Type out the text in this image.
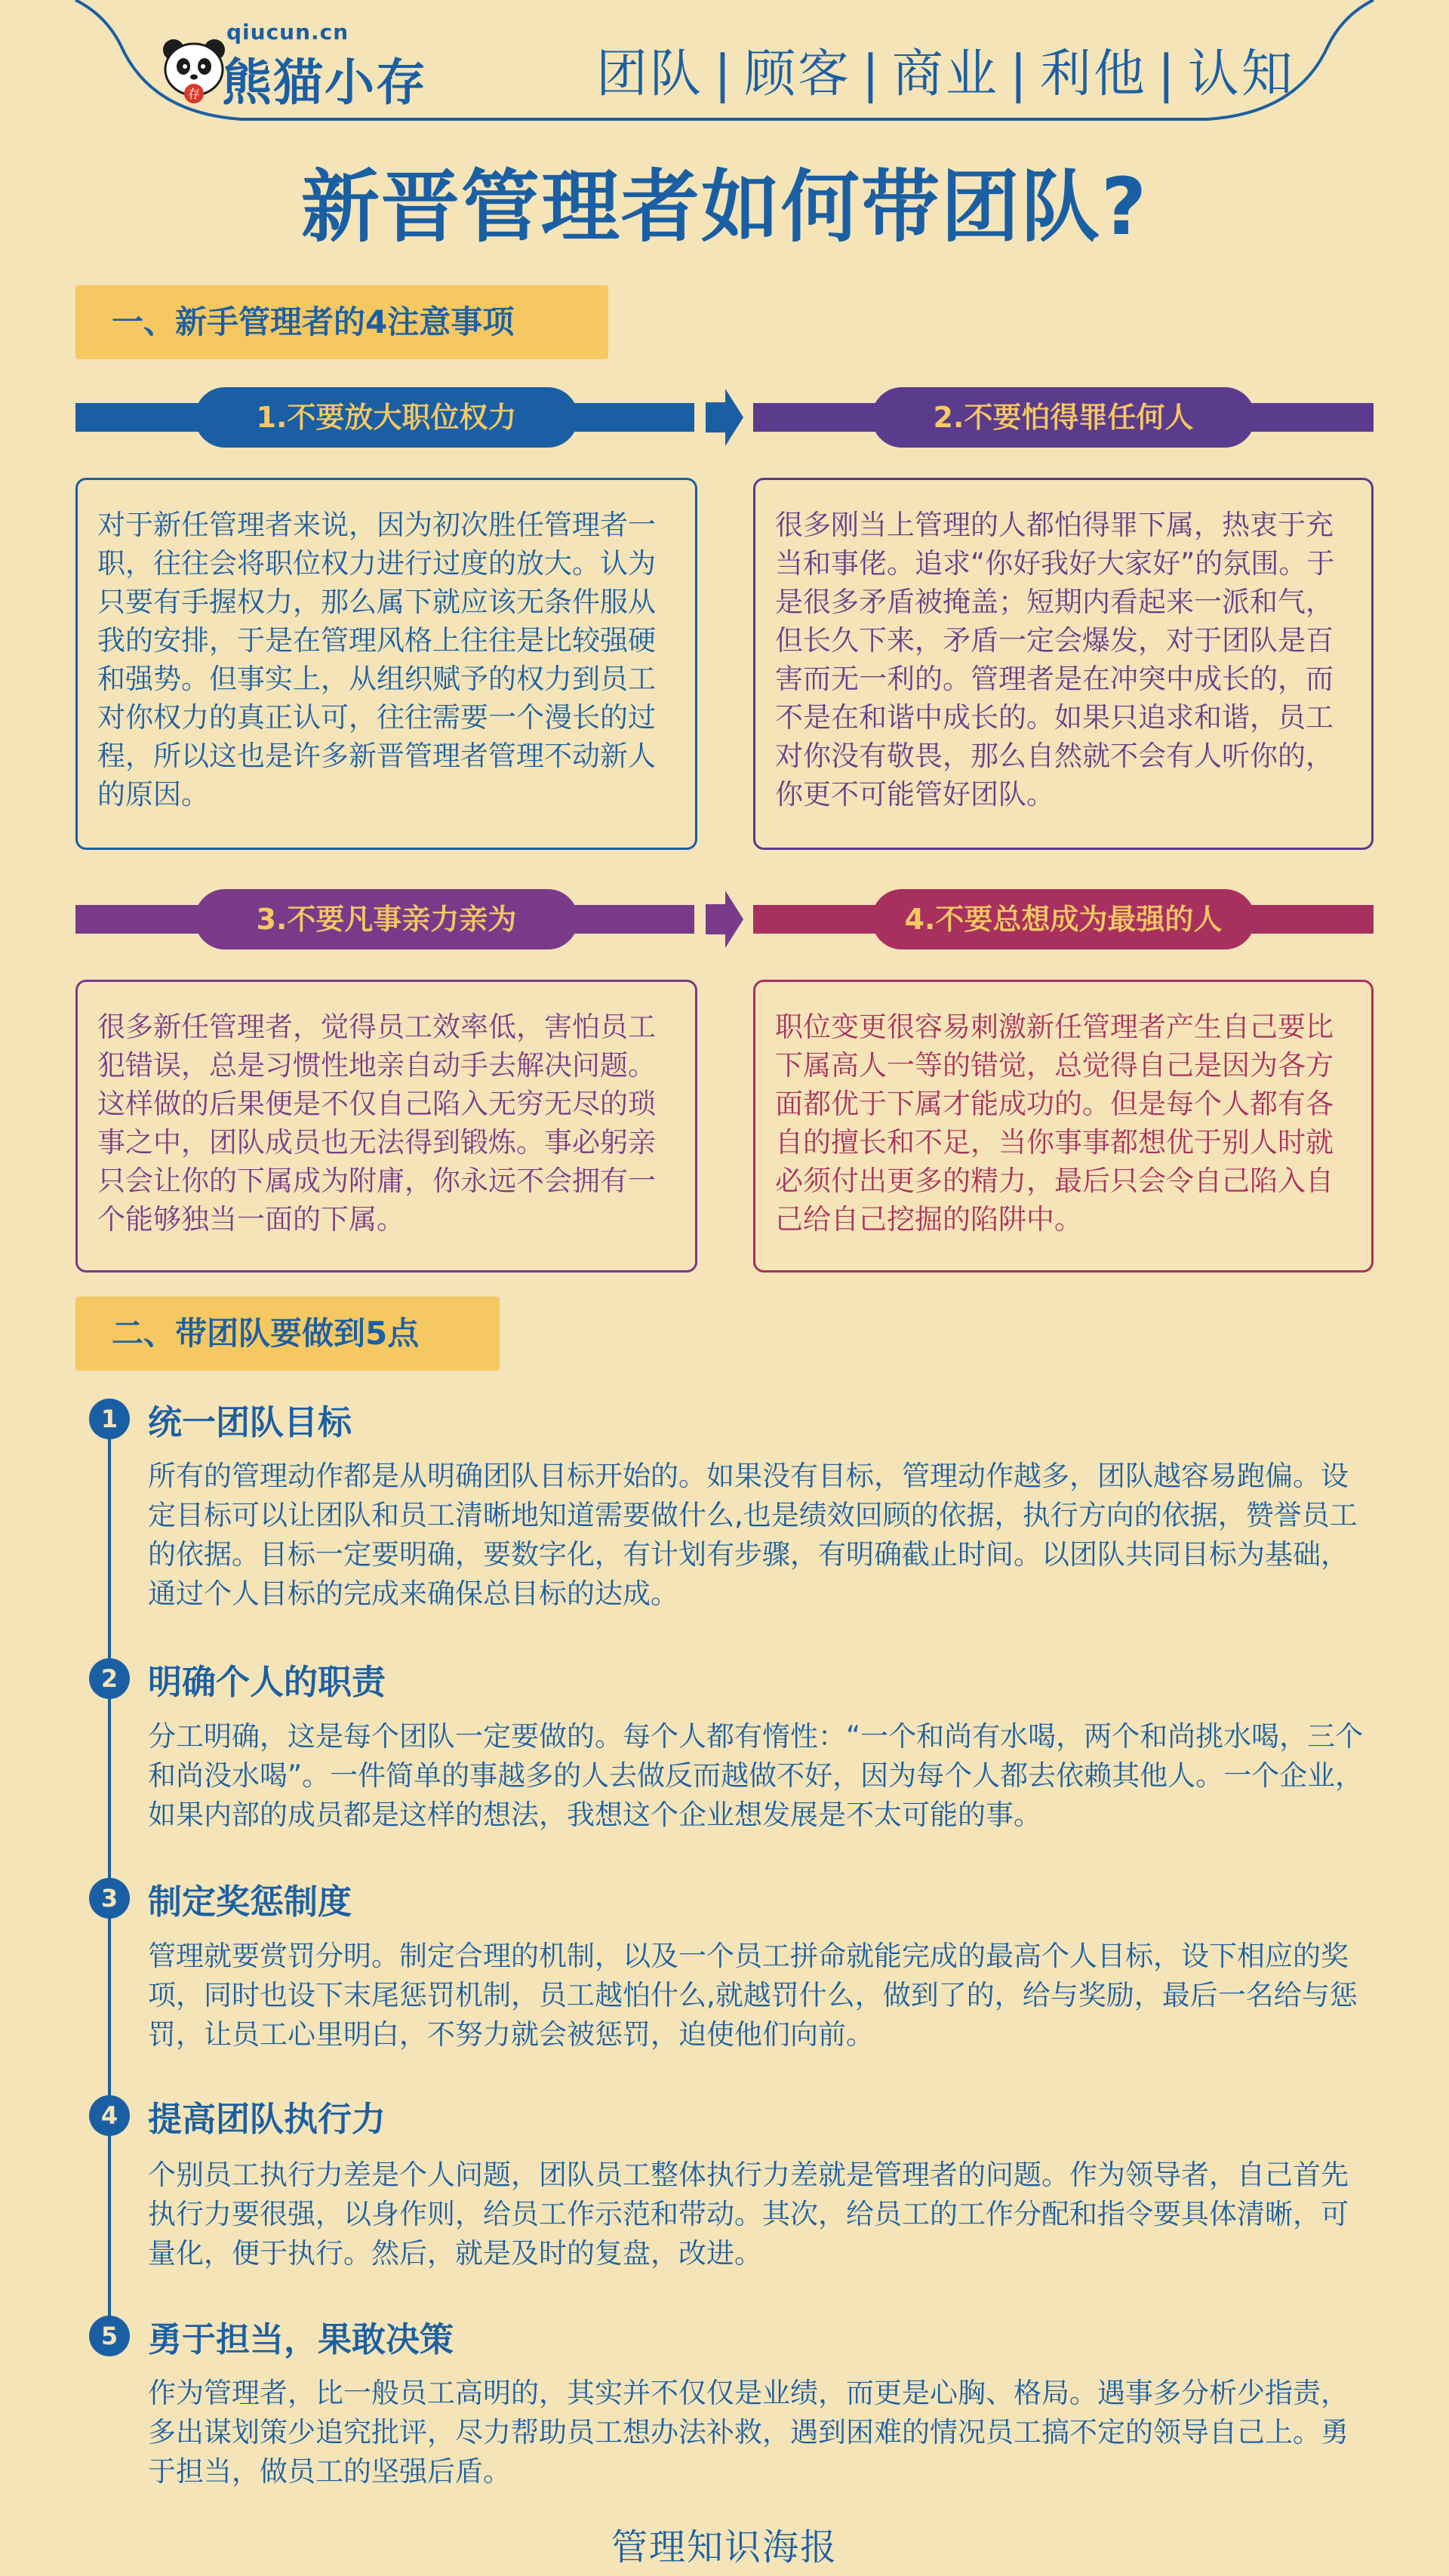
存
qiucun.cn
熊猫小存	团队 | 顾客 | 商业 | 利他 | 认知
新晋管理者如何带团队?
一、新手管理者的4注意事项
1.不要放大职位权力	2.不要怕得罪任何人
对于新任管理者来说，因为初次胜任管理者一职，往往会将职位权力进行过度的放大。认为只要有手握权力，那么属下就应该无条件服从我的安排，于是在管理风格上往往是比较强硬和强势。但事实上，从组织赋予的权力到员工对你权力的真正认可，往往需要一个漫长的过程，所以这也是许多新晋管理者管理不动新人的原因。
很多刚当上管理的人都怕得罪下属，热衷于充当和事佬。追求“你好我好大家好”的氛围。于是很多矛盾被掩盖；短期内看起来一派和气，但长久下来，矛盾一定会爆发，对于团队是百害而无一利的。管理者是在冲突中成长的，而不是在和谐中成长的。如果只追求和谐，员工对你没有敬畏，那么自然就不会有人听你的，你更不可能管好团队。
3.不要凡事亲力亲为	4.不要总想成为最强的人
很多新任管理者，觉得员工效率低，害怕员工犯错误，总是习惯性地亲自动手去解决问题。这样做的后果便是不仅自己陷入无穷无尽的琐事之中，团队成员也无法得到锻炼。事必躬亲只会让你的下属成为附庸，你永远不会拥有一个能够独当一面的下属。
职位变更很容易刺激新任管理者产生自己要比下属高人一等的错觉，总觉得自己是因为各方面都优于下属才能成功的。但是每个人都有各自的擅长和不足，当你事事都想优于别人时就必须付出更多的精力，最后只会令自己陷入自己给自己挖掘的陷阱中。
二、带团队要做到5点
1 统一团队目标
所有的管理动作都是从明确团队目标开始的。如果没有目标，管理动作越多，团队越容易跑偏。设定目标可以让团队和员工清晰地知道需要做什么,也是绩效回顾的依据，执行方向的依据，赞誉员工的依据。目标一定要明确，要数字化，有计划有步骤，有明确截止时间。以团队共同目标为基础，通过个人目标的完成来确保总目标的达成。
2 明确个人的职责
分工明确，这是每个团队一定要做的。每个人都有惰性：“一个和尚有水喝，两个和尚挑水喝，三个和尚没水喝”。一件简单的事越多的人去做反而越做不好，因为每个人都去依赖其他人。一个企业，如果内部的成员都是这样的想法，我想这个企业想发展是不太可能的事。
3 制定奖惩制度
管理就要赏罚分明。制定合理的机制，以及一个员工拼命就能完成的最高个人目标，设下相应的奖项，同时也设下末尾惩罚机制，员工越怕什么,就越罚什么，做到了的，给与奖励，最后一名给与惩罚，让员工心里明白，不努力就会被惩罚，迫使他们向前。
4 提高团队执行力
个别员工执行力差是个人问题，团队员工整体执行力差就是管理者的问题。作为领导者，自己首先执行力要很强，以身作则，给员工作示范和带动。其次，给员工的工作分配和指令要具体清晰，可量化，便于执行。然后，就是及时的复盘，改进。
5 勇于担当，果敢决策
作为管理者，比一般员工高明的，其实并不仅仅是业绩，而更是心胸、格局。遇事多分析少指责，多出谋划策少追究批评，尽力帮助员工想办法补救，遇到困难的情况员工搞不定的领导自己上。勇于担当，做员工的坚强后盾。
管理知识海报
